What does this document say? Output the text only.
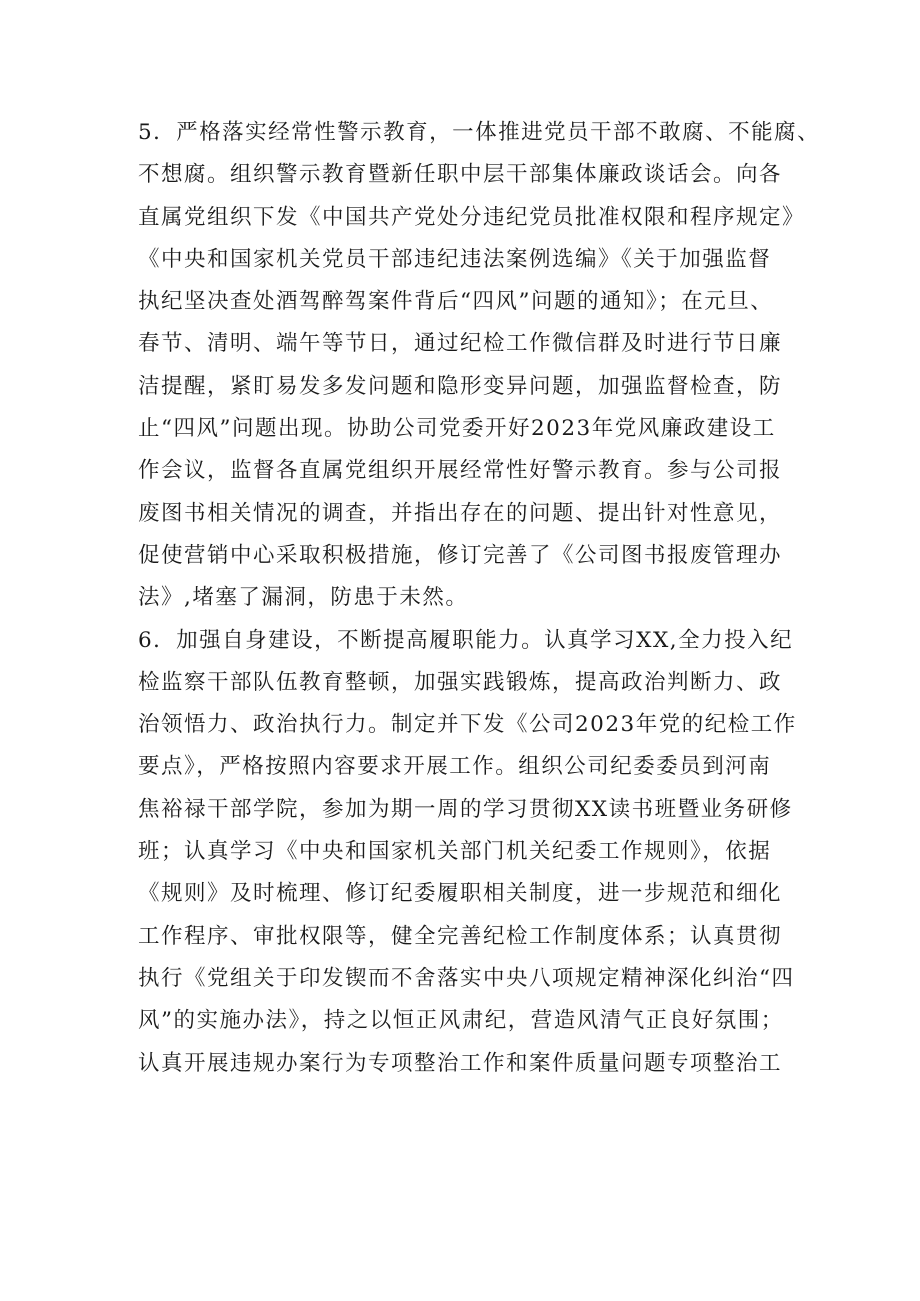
5．严格落实经常性警示教育，一体推进党员干部不敢腐、不能腐、
不想腐。组织警示教育暨新任职中层干部集体廉政谈话会。向各
直属党组织下发《中国共产党处分违纪党员批准权限和程序规定》
《中央和国家机关党员干部违纪违法案例选编》《关于加强监督
执纪坚决查处酒驾醉驾案件背后“四风”问题的通知》；在元旦、
春节、清明、端午等节日，通过纪检工作微信群及时进行节日廉
洁提醒，紧盯易发多发问题和隐形变异问题，加强监督检查，防
止“四风”问题出现。协助公司党委开好2023年党风廉政建设工
作会议，监督各直属党组织开展经常性好警示教育。参与公司报
废图书相关情况的调查，并指出存在的问题、提出针对性意见，
促使营销中心采取积极措施，修订完善了《公司图书报废管理办
法》,堵塞了漏洞，防患于未然。
6．加强自身建设，不断提高履职能力。认真学习XX,全力投入纪
检监察干部队伍教育整顿，加强实践锻炼，提高政治判断力、政
治领悟力、政治执行力。制定并下发《公司2023年党的纪检工作
要点》，严格按照内容要求开展工作。组织公司纪委委员到河南
焦裕禄干部学院，参加为期一周的学习贯彻XX读书班暨业务研修
班；认真学习《中央和国家机关部门机关纪委工作规则》，依据
《规则》及时梳理、修订纪委履职相关制度，进一步规范和细化
工作程序、审批权限等，健全完善纪检工作制度体系；认真贯彻
执行《党组关于印发锲而不舍落实中央八项规定精神深化纠治“四
风”的实施办法》，持之以恒正风肃纪，营造风清气正良好氛围；
认真开展违规办案行为专项整治工作和案件质量问题专项整治工
